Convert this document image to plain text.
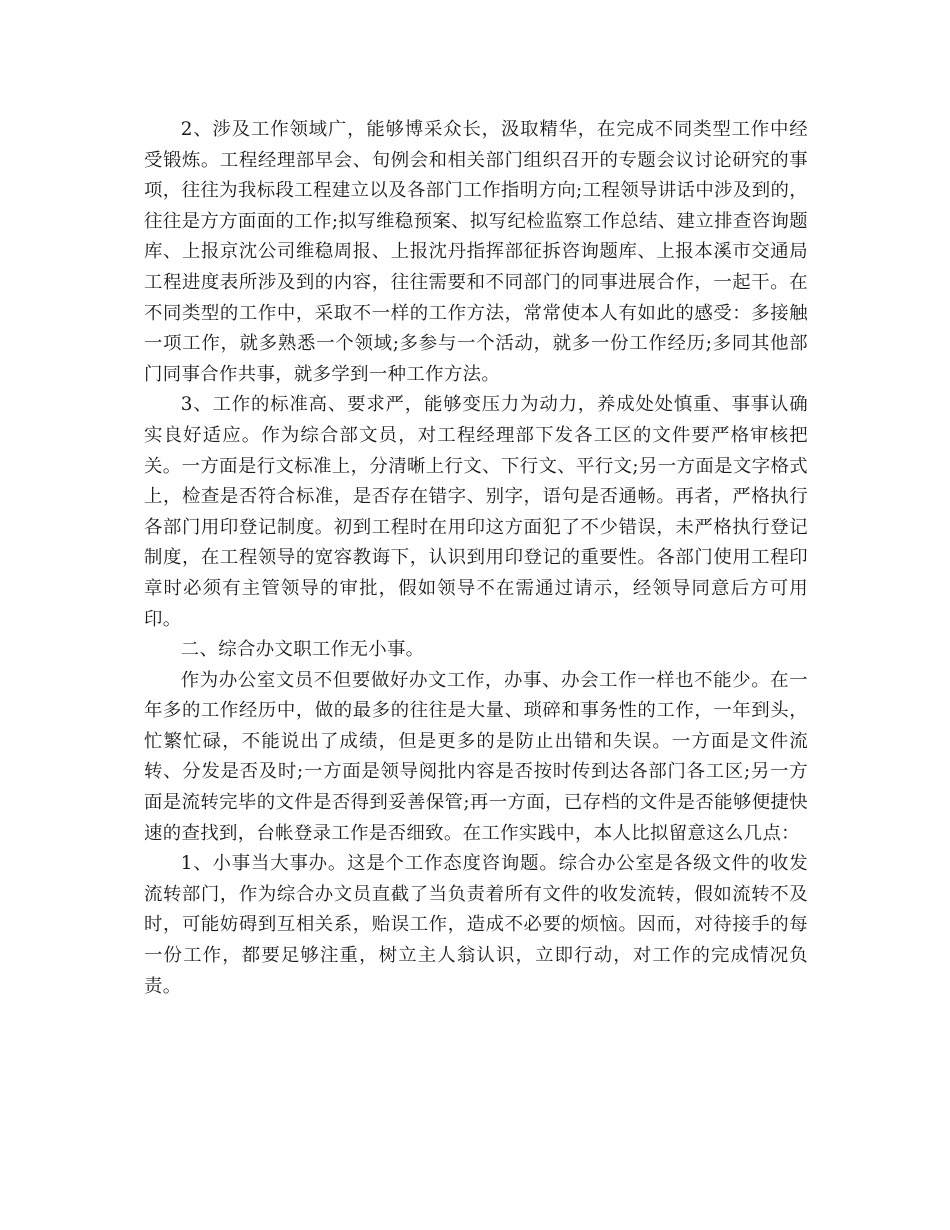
2、涉及工作领域广，能够博采众长，汲取精华，在完成不同类型工作中经受锻炼。工程经理部早会、旬例会和相关部门组织召开的专题会议讨论研究的事项，往往为我标段工程建立以及各部门工作指明方向;工程领导讲话中涉及到的，往往是方方面面的工作;拟写维稳预案、拟写纪检监察工作总结、建立排查咨询题库、上报京沈公司维稳周报、上报沈丹指挥部征拆咨询题库、上报本溪市交通局工程进度表所涉及到的内容，往往需要和不同部门的同事进展合作，一起干。在不同类型的工作中，采取不一样的工作方法，常常使本人有如此的感受：多接触一项工作，就多熟悉一个领域;多参与一个活动，就多一份工作经历;多同其他部门同事合作共事，就多学到一种工作方法。

3、工作的标准高、要求严，能够变压力为动力，养成处处慎重、事事认确实良好适应。作为综合部文员，对工程经理部下发各工区的文件要严格审核把关。一方面是行文标准上，分清晰上行文、下行文、平行文;另一方面是文字格式上，检查是否符合标准，是否存在错字、别字，语句是否通畅。再者，严格执行各部门用印登记制度。初到工程时在用印这方面犯了不少错误，未严格执行登记制度，在工程领导的宽容教诲下，认识到用印登记的重要性。各部门使用工程印章时必须有主管领导的审批，假如领导不在需通过请示，经领导同意后方可用印。

二、综合办文职工作无小事。

作为办公室文员不但要做好办文工作，办事、办会工作一样也不能少。在一年多的工作经历中，做的最多的往往是大量、琐碎和事务性的工作，一年到头，忙繁忙碌，不能说出了成绩，但是更多的是防止出错和失误。一方面是文件流转、分发是否及时;一方面是领导阅批内容是否按时传到达各部门各工区;另一方面是流转完毕的文件是否得到妥善保管;再一方面，已存档的文件是否能够便捷快速的查找到，台帐登录工作是否细致。在工作实践中，本人比拟留意这么几点：

1、小事当大事办。这是个工作态度咨询题。综合办公室是各级文件的收发流转部门，作为综合办文员直截了当负责着所有文件的收发流转，假如流转不及时，可能妨碍到互相关系，贻误工作，造成不必要的烦恼。因而，对待接手的每一份工作，都要足够注重，树立主人翁认识，立即行动，对工作的完成情况负责。
